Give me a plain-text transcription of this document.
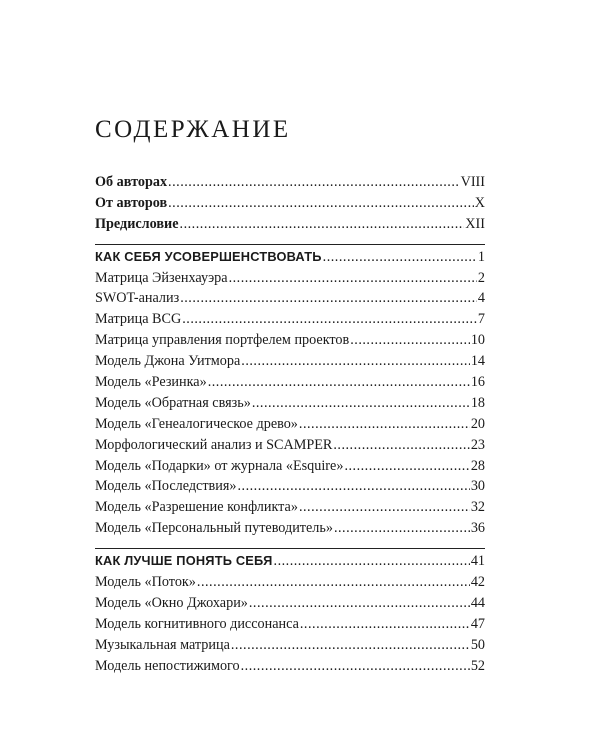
СОДЕРЖАНИЕ
Об авторах .....	VIII
От авторов .....	X
Предисловие .....	XII
КАК СЕБЯ УСОВЕРШЕНСТВОВАТЬ .....	1
Матрица Эйзенхауэра .....	2
SWOT-анализ .....	4
Матрица BCG .....	7
Матрица управления портфелем проектов .....	10
Модель Джона Уитмора .....	14
Модель «Резинка» .....	16
Модель «Обратная связь» .....	18
Модель «Генеалогическое древо» .....	20
Морфологический анализ и SCAMPER .....	23
Модель «Подарки» от журнала «Esquire» .....	28
Модель «Последствия» .....	30
Модель «Разрешение конфликта» .....	32
Модель «Персональный путеводитель» .....	36
КАК ЛУЧШЕ ПОНЯТЬ СЕБЯ .....	41
Модель «Поток» .....	42
Модель «Окно Джохари» .....	44
Модель когнитивного диссонанса .....	47
Музыкальная матрица .....	50
Модель непостижимого .....	52
